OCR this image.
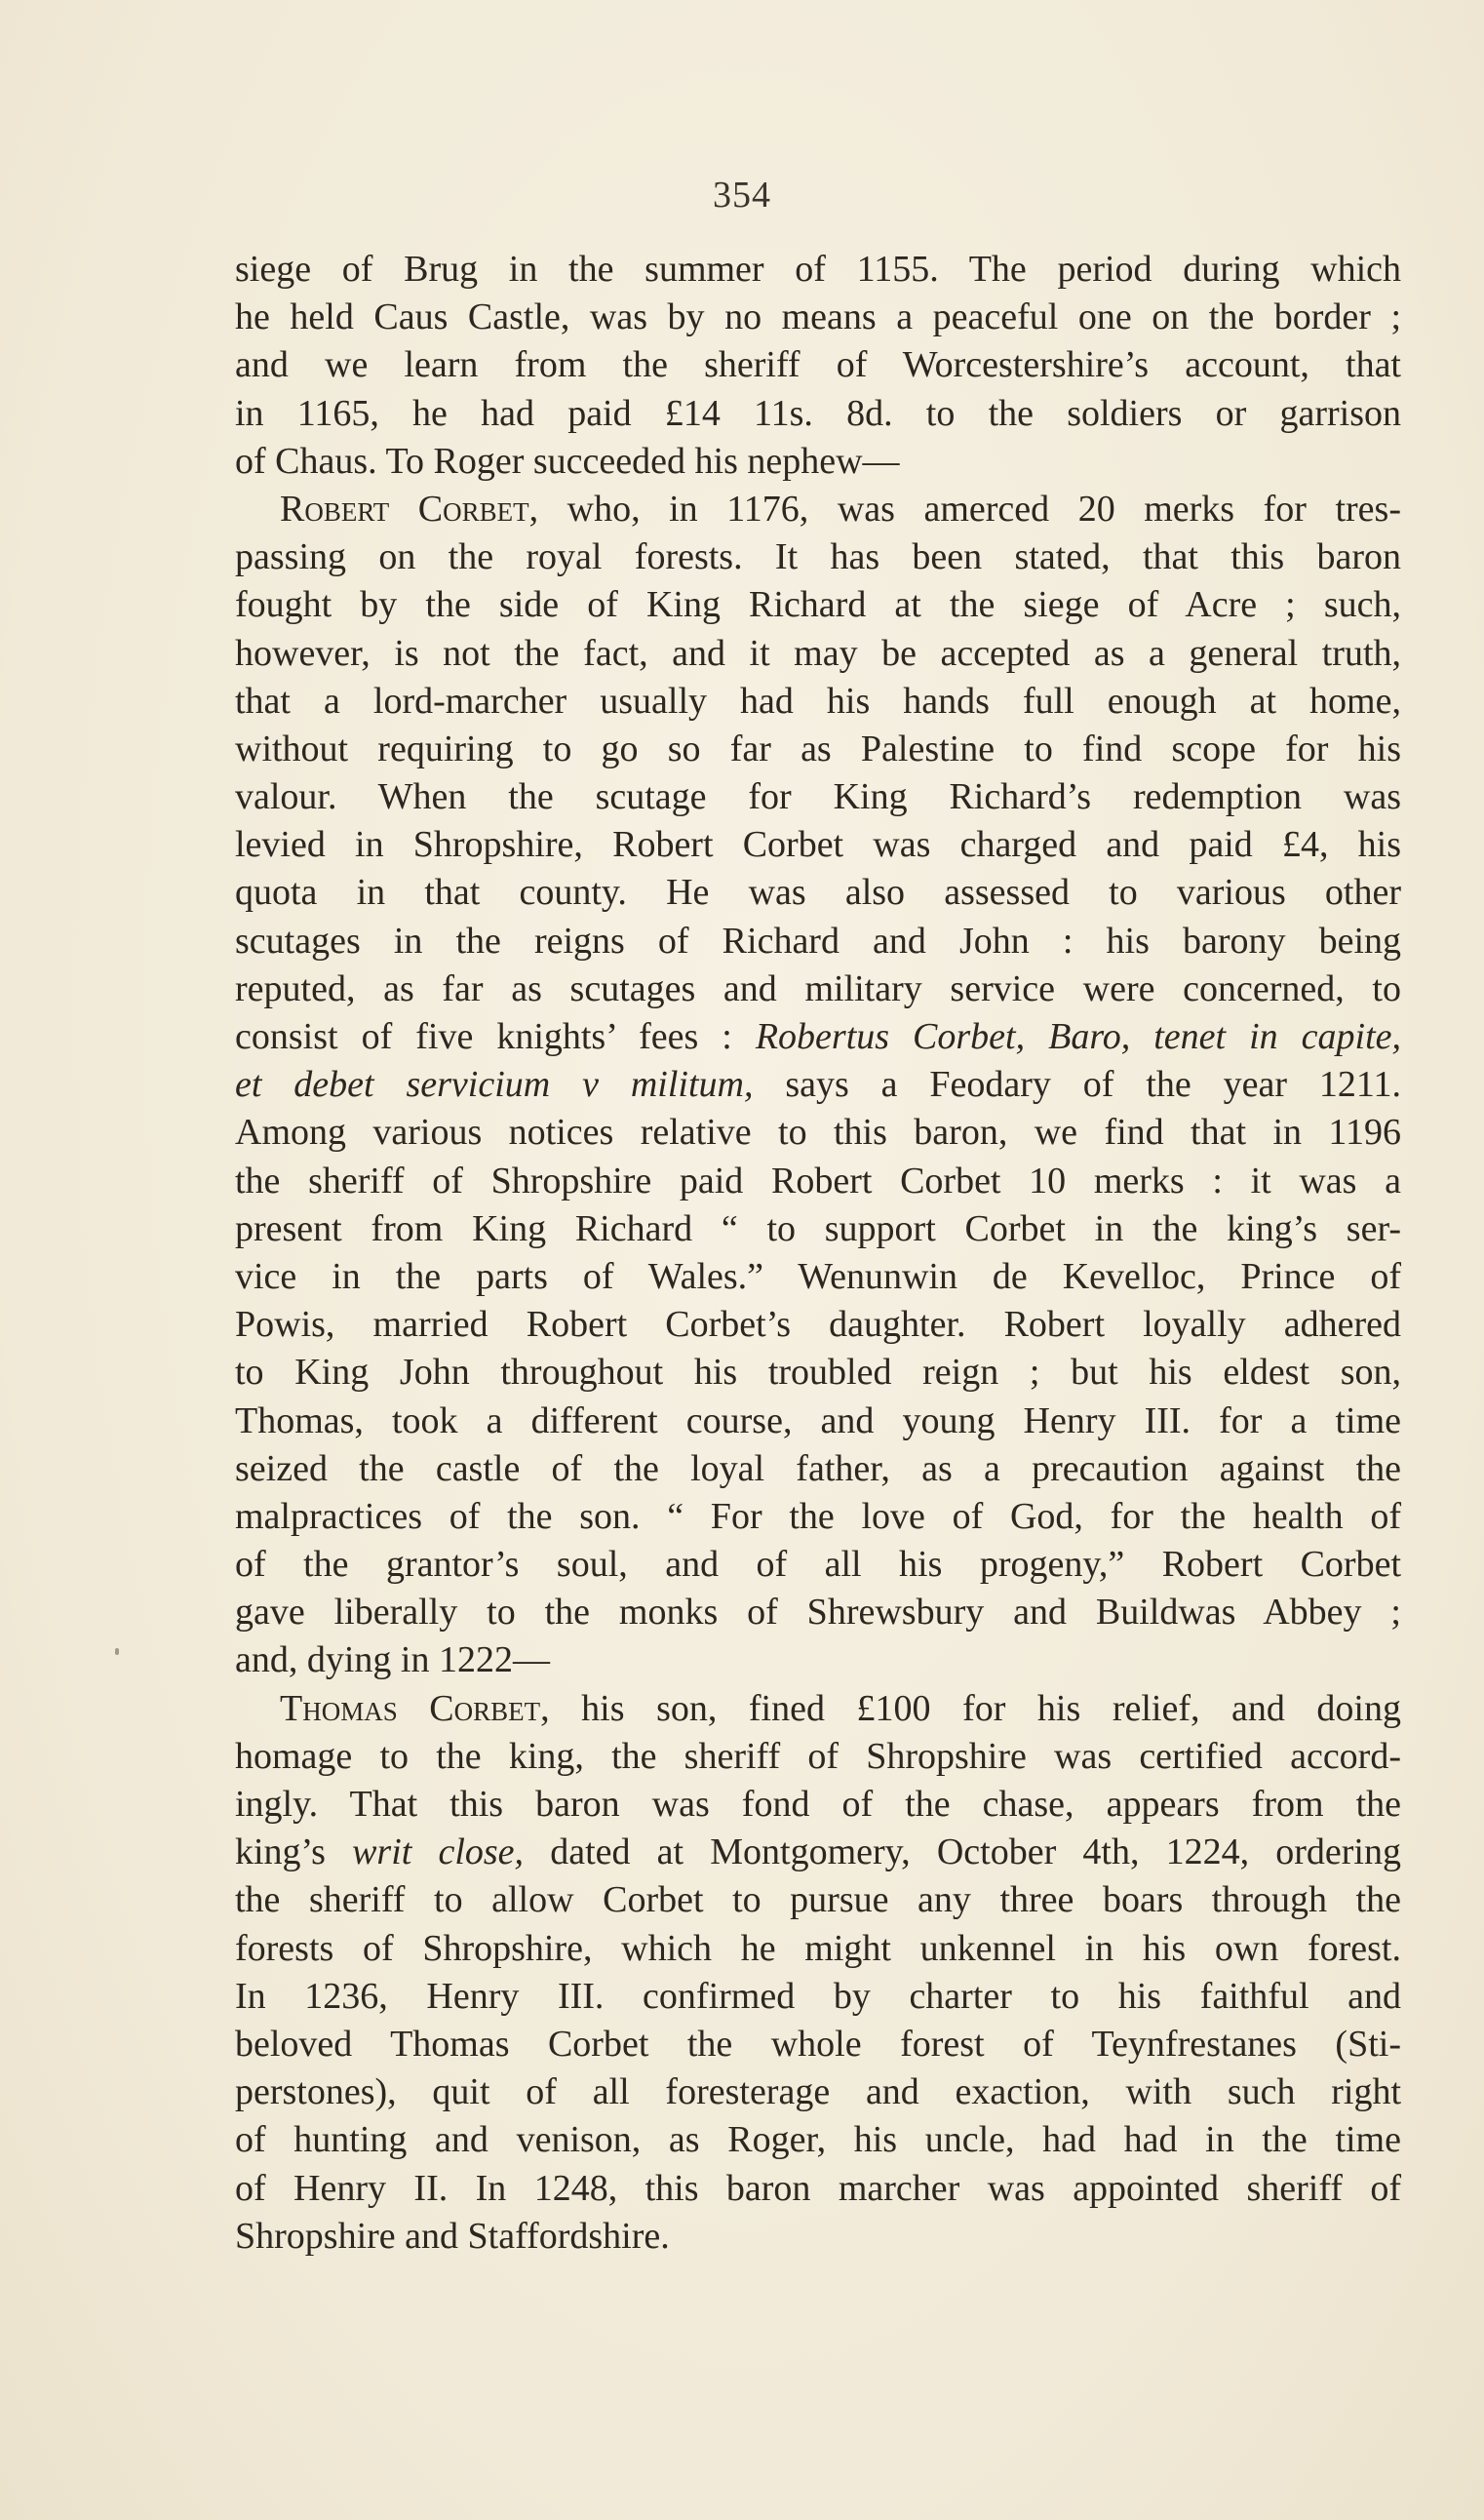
354
siege of Brug in the summer of 1155. The period during which
he held Caus Castle, was by no means a peaceful one on the border ;
and we learn from the sheriff of Worcestershire’s account, that
in 1165, he had paid £14 11s. 8d. to the soldiers or garrison
of Chaus. To Roger succeeded his nephew—
Robert Corbet, who, in 1176, was amerced 20 merks for tres-
passing on the royal forests. It has been stated, that this baron
fought by the side of King Richard at the siege of Acre ; such,
however, is not the fact, and it may be accepted as a general truth,
that a lord-marcher usually had his hands full enough at home,
without requiring to go so far as Palestine to find scope for his
valour. When the scutage for King Richard’s redemption was
levied in Shropshire, Robert Corbet was charged and paid £4, his
quota in that county. He was also assessed to various other
scutages in the reigns of Richard and John : his barony being
reputed, as far as scutages and military service were concerned, to
consist of five knights’ fees : Robertus Corbet, Baro, tenet in capite,
et debet servicium v militum, says a Feodary of the year 1211.
Among various notices relative to this baron, we find that in 1196
the sheriff of Shropshire paid Robert Corbet 10 merks : it was a
present from King Richard “ to support Corbet in the king’s ser-
vice in the parts of Wales.” Wenunwin de Kevelloc, Prince of
Powis, married Robert Corbet’s daughter. Robert loyally adhered
to King John throughout his troubled reign ; but his eldest son,
Thomas, took a different course, and young Henry III. for a time
seized the castle of the loyal father, as a precaution against the
malpractices of the son. “ For the love of God, for the health of
of the grantor’s soul, and of all his progeny,” Robert Corbet
gave liberally to the monks of Shrewsbury and Buildwas Abbey ;
and, dying in 1222—
Thomas Corbet, his son, fined £100 for his relief, and doing
homage to the king, the sheriff of Shropshire was certified accord-
ingly. That this baron was fond of the chase, appears from the
king’s writ close, dated at Montgomery, October 4th, 1224, ordering
the sheriff to allow Corbet to pursue any three boars through the
forests of Shropshire, which he might unkennel in his own forest.
In 1236, Henry III. confirmed by charter to his faithful and
beloved Thomas Corbet the whole forest of Teynfrestanes (Sti-
perstones), quit of all foresterage and exaction, with such right
of hunting and venison, as Roger, his uncle, had had in the time
of Henry II. In 1248, this baron marcher was appointed sheriff of
Shropshire and Staffordshire.
